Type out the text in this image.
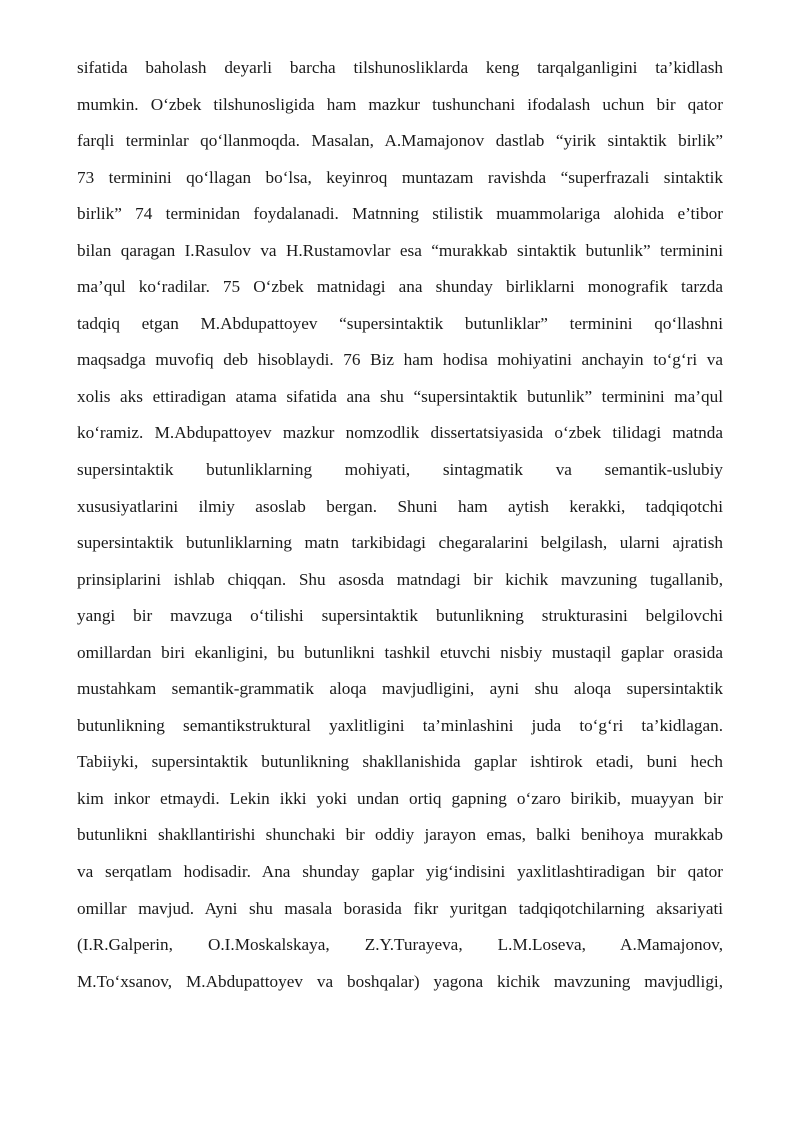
sifatida baholash deyarli barcha tilshunosliklarda keng tarqalganligini ta’kidlash
mumkin. O‘zbek tilshunosligida ham mazkur tushunchani ifodalash uchun bir qator
farqli terminlar qo‘llanmoqda. Masalan, A.Mamajonov dastlab “yirik sintaktik birlik”
73 terminini qo‘llagan bo‘lsa, keyinroq muntazam ravishda “superfrazali sintaktik
birlik” 74 terminidan foydalanadi. Matnning stilistik muammolariga alohida e’tibor
bilan qaragan I.Rasulov va H.Rustamovlar esa “murakkab sintaktik butunlik” terminini
ma’qul ko‘radilar. 75 O‘zbek matnidagi ana shunday birliklarni monografik tarzda
tadqiq etgan M.Abdupattoyev “supersintaktik butunliklar” terminini qo‘llashni
maqsadga muvofiq deb hisoblaydi. 76 Biz ham hodisa mohiyatini anchayin to‘g‘ri va
xolis aks ettiradigan atama sifatida ana shu “supersintaktik butunlik” terminini ma’qul
ko‘ramiz. M.Abdupattoyev mazkur nomzodlik dissertatsiyasida o‘zbek tilidagi matnda
supersintaktik butunliklarning mohiyati, sintagmatik va semantik-uslubiy
xususiyatlarini ilmiy asoslab bergan. Shuni ham aytish kerakki, tadqiqotchi
supersintaktik butunliklarning matn tarkibidagi chegaralarini belgilash, ularni ajratish
prinsiplarini ishlab chiqqan. Shu asosda matndagi bir kichik mavzuning tugallanib,
yangi bir mavzuga o‘tilishi supersintaktik butunlikning strukturasini belgilovchi
omillardan biri ekanligini, bu butunlikni tashkil etuvchi nisbiy mustaqil gaplar orasida
mustahkam semantik-grammatik aloqa mavjudligini, ayni shu aloqa supersintaktik
butunlikning semantikstruktural yaxlitligini ta’minlashini juda to‘g‘ri ta’kidlagan.
Tabiiyki, supersintaktik butunlikning shakllanishida gaplar ishtirok etadi, buni hech
kim inkor etmaydi. Lekin ikki yoki undan ortiq gapning o‘zaro birikib, muayyan bir
butunlikni shakllantirishi shunchaki bir oddiy jarayon emas, balki benihoya murakkab
va serqatlam hodisadir. Ana shunday gaplar yig‘indisini yaxlitlashtiradigan bir qator
omillar mavjud. Ayni shu masala borasida fikr yuritgan tadqiqotchilarning aksariyati
(I.R.Galperin, O.I.Moskalskaya, Z.Y.Turayeva, L.M.Loseva, A.Mamajonov,
M.To‘xsanov, M.Abdupattoyev va boshqalar) yagona kichik mavzuning mavjudligi,
